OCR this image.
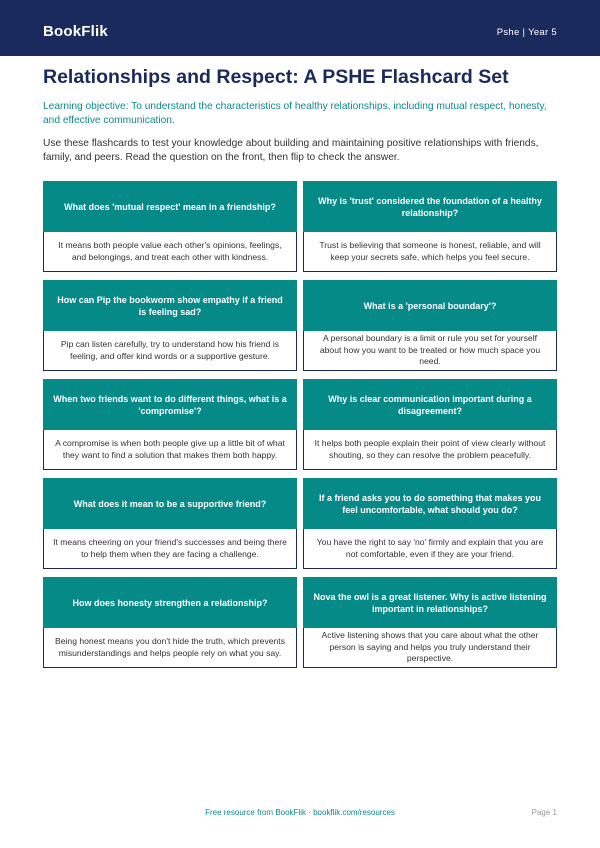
BookFlik	Pshe | Year 5
Relationships and Respect: A PSHE Flashcard Set

Learning objective: To understand the characteristics of healthy relationships, including mutual respect, honesty, and effective communication.

Use these flashcards to test your knowledge about building and maintaining positive relationships with friends, family, and peers. Read the question on the front, then flip to check the answer.

What does 'mutual respect' mean in a friendship?
It means both people value each other's opinions, feelings, and belongings, and treat each other with kindness.
Why is 'trust' considered the foundation of a healthy relationship?
Trust is believing that someone is honest, reliable, and will keep your secrets safe, which helps you feel secure.
How can Pip the bookworm show empathy if a friend is feeling sad?
Pip can listen carefully, try to understand how his friend is feeling, and offer kind words or a supportive gesture.
What is a 'personal boundary'?
A personal boundary is a limit or rule you set for yourself about how you want to be treated or how much space you need.
When two friends want to do different things, what is a 'compromise'?
A compromise is when both people give up a little bit of what they want to find a solution that makes them both happy.
Why is clear communication important during a disagreement?
It helps both people explain their point of view clearly without shouting, so they can resolve the problem peacefully.
What does it mean to be a supportive friend?
It means cheering on your friend's successes and being there to help them when they are facing a challenge.
If a friend asks you to do something that makes you feel uncomfortable, what should you do?
You have the right to say 'no' firmly and explain that you are not comfortable, even if they are your friend.
How does honesty strengthen a relationship?
Being honest means you don't hide the truth, which prevents misunderstandings and helps people rely on what you say.
Nova the owl is a great listener. Why is active listening important in relationships?
Active listening shows that you care about what the other person is saying and helps you truly understand their perspective.
Free resource from BookFlik · bookflik.com/resources	Page 1
